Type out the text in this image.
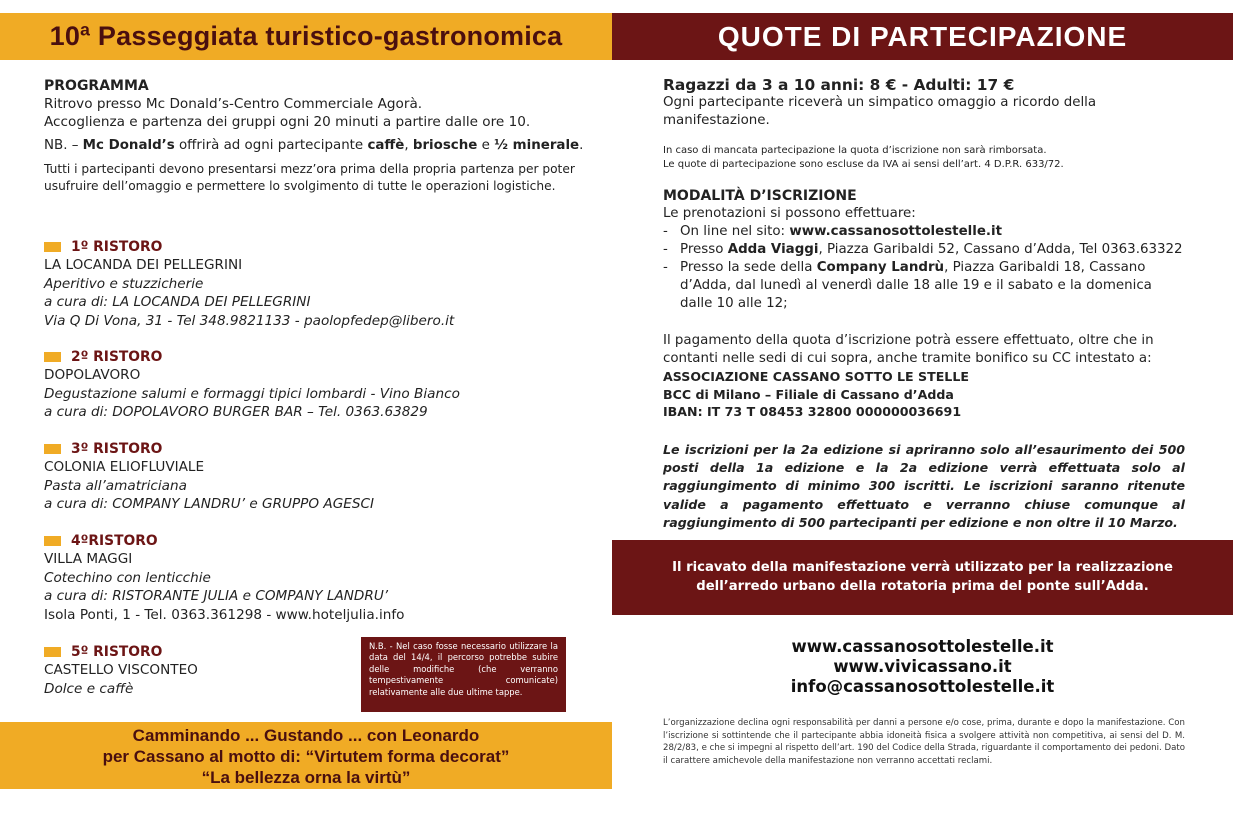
10ª Passeggiata turistico-gastronomica	QUOTE DI PARTECIPAZIONE
PROGRAMMA
Ritrovo presso Mc Donald’s-Centro Commerciale Agorà.
Accoglienza e partenza dei gruppi ogni 20 minuti a partire dalle ore 10.
NB. – Mc Donald’s offrirà ad ogni partecipante caffè, briosche e ½ minerale.
Tutti i partecipanti devono presentarsi mezz’ora prima della propria partenza per poter usufruire dell’omaggio e permettere lo svolgimento di tutte le operazioni logistiche.
1º RISTORO
LA LOCANDA DEI PELLEGRINI
Aperitivo e stuzzicherie
a cura di: LA LOCANDA DEI PELLEGRINI
Via Q Di Vona, 31 - Tel 348.9821133 - paolopfedep@libero.it
2º RISTORO
DOPOLAVORO
Degustazione salumi e formaggi tipici lombardi - Vino Bianco
a cura di: DOPOLAVORO BURGER BAR – Tel. 0363.63829
3º RISTORO
COLONIA ELIOFLUVIALE
Pasta all’amatriciana
a cura di: COMPANY LANDRU’ e GRUPPO AGESCI
4ºRISTORO
VILLA MAGGI
Cotechino con lenticchie
a cura di: RISTORANTE JULIA e COMPANY LANDRU’
Isola Ponti, 1 - Tel. 0363.361298 - www.hoteljulia.info
5º RISTORO
CASTELLO VISCONTEO
Dolce e caffè
N.B. - Nel caso fosse necessario utilizzare la data del 14/4, il percorso potrebbe subire delle modifiche (che verranno tempestivamente comunicate) relativamente alle due ultime tappe.
Camminando ... Gustando ... con Leonardo
per Cassano al motto di: “Virtutem forma decorat”
“La bellezza orna la virtù”
Ragazzi da 3 a 10 anni: 8 € - Adulti: 17 €
Ogni partecipante riceverà un simpatico omaggio a ricordo della manifestazione.
In caso di mancata partecipazione la quota d’iscrizione non sarà rimborsata.
Le quote di partecipazione sono escluse da IVA ai sensi dell’art. 4 D.P.R. 633/72.
MODALITÀ D’ISCRIZIONE
Le prenotazioni si possono effettuare:
- On line nel sito: www.cassanosottolestelle.it
- Presso Adda Viaggi, Piazza Garibaldi 52, Cassano d’Adda, Tel 0363.63322
- Presso la sede della Company Landrù, Piazza Garibaldi 18, Cassano d’Adda, dal lunedì al venerdì dalle 18 alle 19 e il sabato e la domenica dalle 10 alle 12;
Il pagamento della quota d’iscrizione potrà essere effettuato, oltre che in contanti nelle sedi di cui sopra, anche tramite bonifico su CC intestato a:
ASSOCIAZIONE CASSANO SOTTO LE STELLE
BCC di Milano – Filiale di Cassano d’Adda
IBAN: IT 73 T 08453 32800 000000036691
Le iscrizioni per la 2a edizione si apriranno solo all’esaurimento dei 500 posti della 1a edizione e la 2a edizione verrà effettuata solo al raggiungimento di minimo 300 iscritti. Le iscrizioni saranno ritenute valide a pagamento effettuato e verranno chiuse comunque al raggiungimento di 500 partecipanti per edizione e non oltre il 10 Marzo.
Il ricavato della manifestazione verrà utilizzato per la realizzazione
dell’arredo urbano della rotatoria prima del ponte sull’Adda.
www.cassanosottolestelle.it
www.vivicassano.it
info@cassanosottolestelle.it
L’organizzazione declina ogni responsabilità per danni a persone e/o cose, prima, durante e dopo la manifestazione. Con l’iscrizione si sottintende che il partecipante abbia idoneità fisica a svolgere attività non competitiva, ai sensi del D. M. 28/2/83, e che si impegni al rispetto dell’art. 190 del Codice della Strada, riguardante il comportamento dei pedoni. Dato il carattere amichevole della manifestazione non verranno accettati reclami.
